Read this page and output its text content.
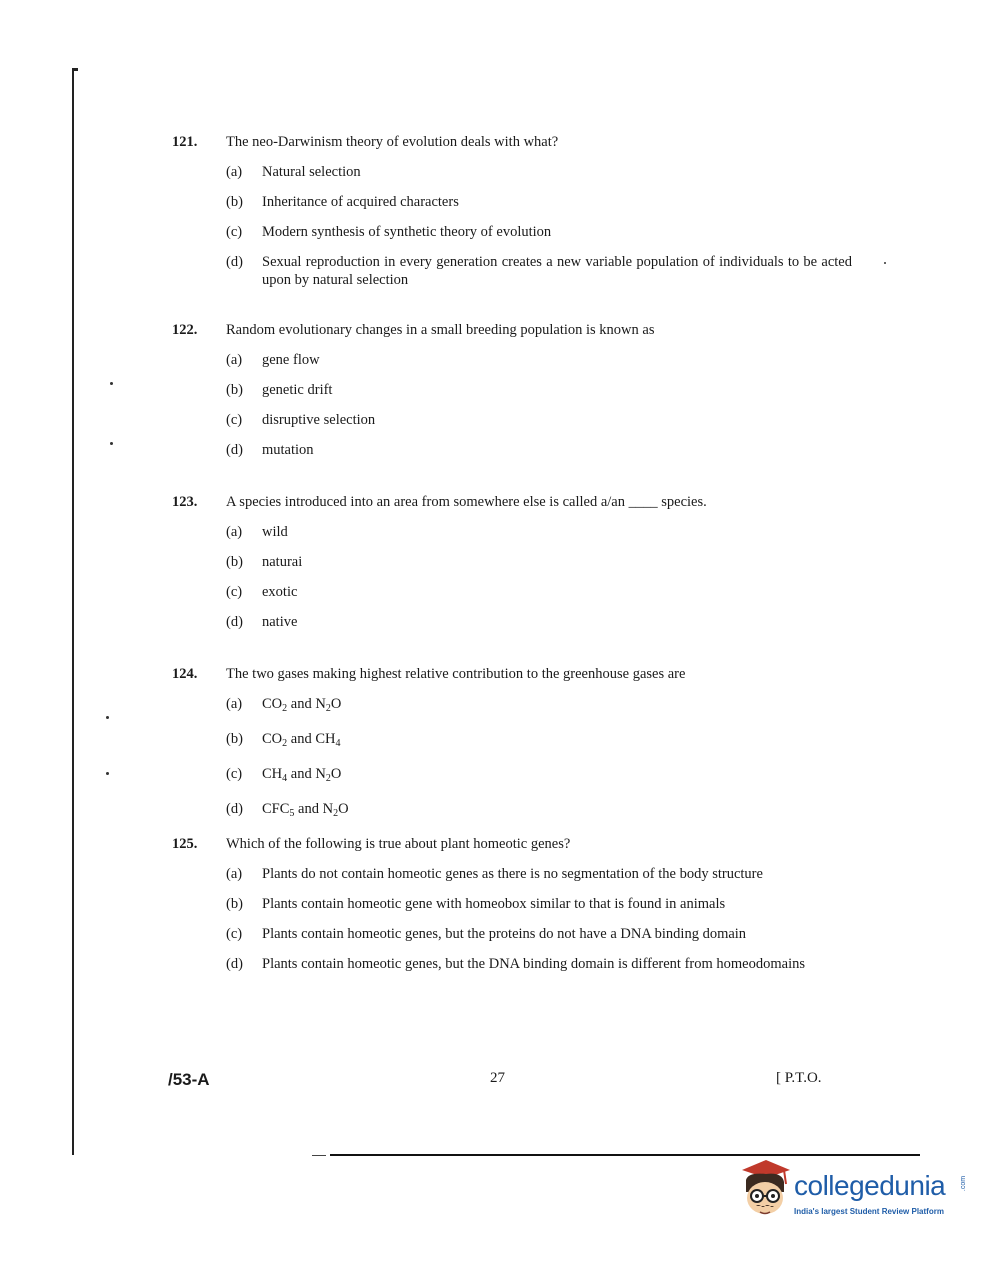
121.	The neo-Darwinism theory of evolution deals with what?
(a)	Natural selection
(b)	Inheritance of acquired characters
(c)	Modern synthesis of synthetic theory of evolution
(d)	Sexual reproduction in every generation creates a new variable population of individuals to be acted upon by natural selection
122.	Random evolutionary changes in a small breeding population is known as
(a)	gene flow
(b)	genetic drift
(c)	disruptive selection
(d)	mutation
123.	A species introduced into an area from somewhere else is called a/an ____ species.
(a)	wild
(b)	naturai
(c)	exotic
(d)	native
124.	The two gases making highest relative contribution to the greenhouse gases are
(a)	$CO_2$ and $N_2O$
(b)	$CO_2$ and $CH_4$
(c)	$CH_4$ and $N_2O$
(d)	$CFC_5$ and $N_2O$
125.	Which of the following is true about plant homeotic genes?
(a)	Plants do not contain homeotic genes as there is no segmentation of the body structure
(b)	Plants contain homeotic gene with homeobox similar to that is found in animals
(c)	Plants contain homeotic genes, but the proteins do not have a DNA binding domain
(d)	Plants contain homeotic genes, but the DNA binding domain is different from homeodomains
/53-A	27	[ P.T.O.
collegedunia .com
India's largest Student Review Platform
